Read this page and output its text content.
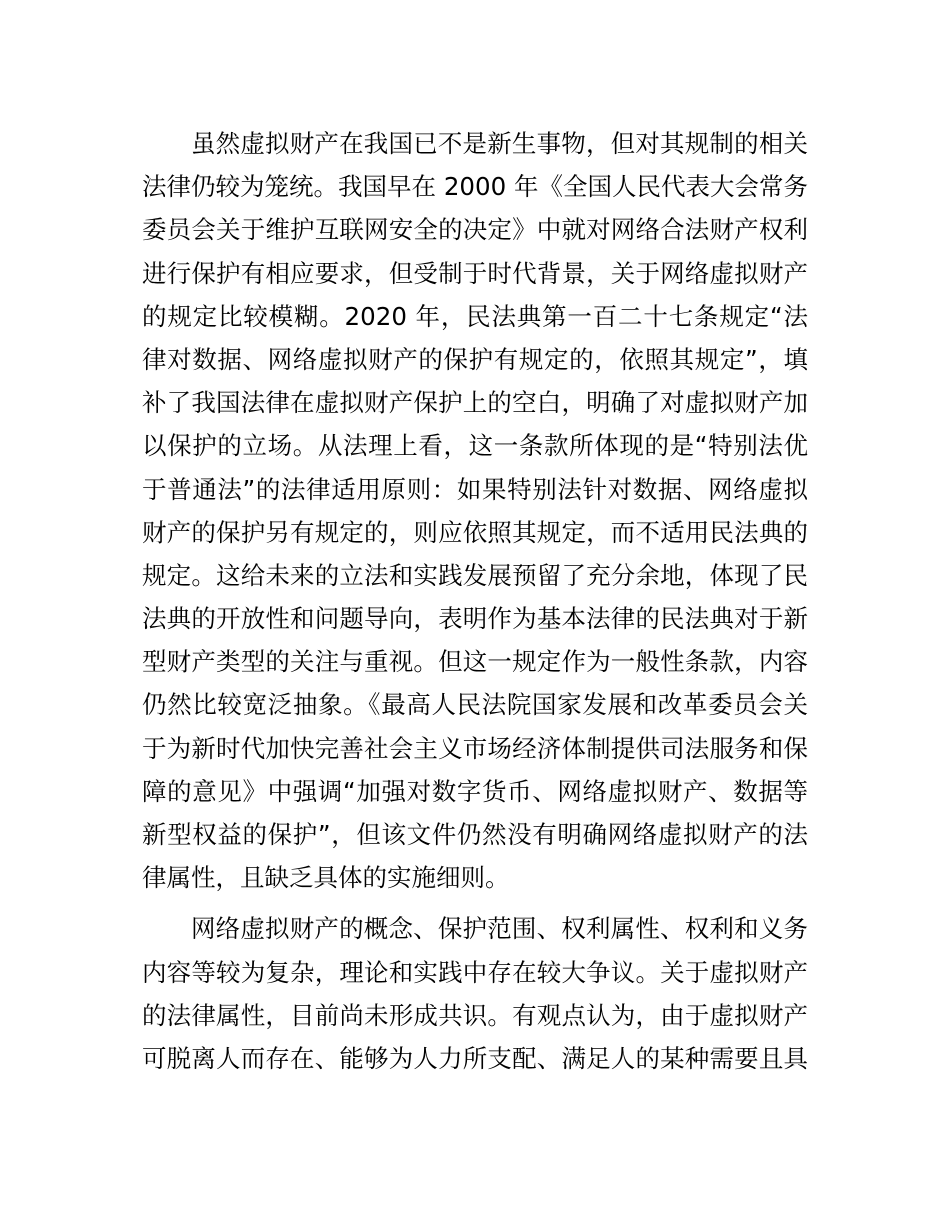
虽然虚拟财产在我国已不是新生事物，但对其规制的相关
法律仍较为笼统。我国早在 2000 年《全国人民代表大会常务
委员会关于维护互联网安全的决定》中就对网络合法财产权利
进行保护有相应要求，但受制于时代背景，关于网络虚拟财产
的规定比较模糊。2020 年，民法典第一百二十七条规定“法
律对数据、网络虚拟财产的保护有规定的，依照其规定”，填
补了我国法律在虚拟财产保护上的空白，明确了对虚拟财产加
以保护的立场。从法理上看，这一条款所体现的是“特别法优
于普通法”的法律适用原则：如果特别法针对数据、网络虚拟
财产的保护另有规定的，则应依照其规定，而不适用民法典的
规定。这给未来的立法和实践发展预留了充分余地，体现了民
法典的开放性和问题导向，表明作为基本法律的民法典对于新
型财产类型的关注与重视。但这一规定作为一般性条款，内容
仍然比较宽泛抽象。《最高人民法院国家发展和改革委员会关
于为新时代加快完善社会主义市场经济体制提供司法服务和保
障的意见》中强调“加强对数字货币、网络虚拟财产、数据等
新型权益的保护”，但该文件仍然没有明确网络虚拟财产的法
律属性，且缺乏具体的实施细则。
网络虚拟财产的概念、保护范围、权利属性、权利和义务
内容等较为复杂，理论和实践中存在较大争议。关于虚拟财产
的法律属性，目前尚未形成共识。有观点认为，由于虚拟财产
可脱离人而存在、能够为人力所支配、满足人的某种需要且具
